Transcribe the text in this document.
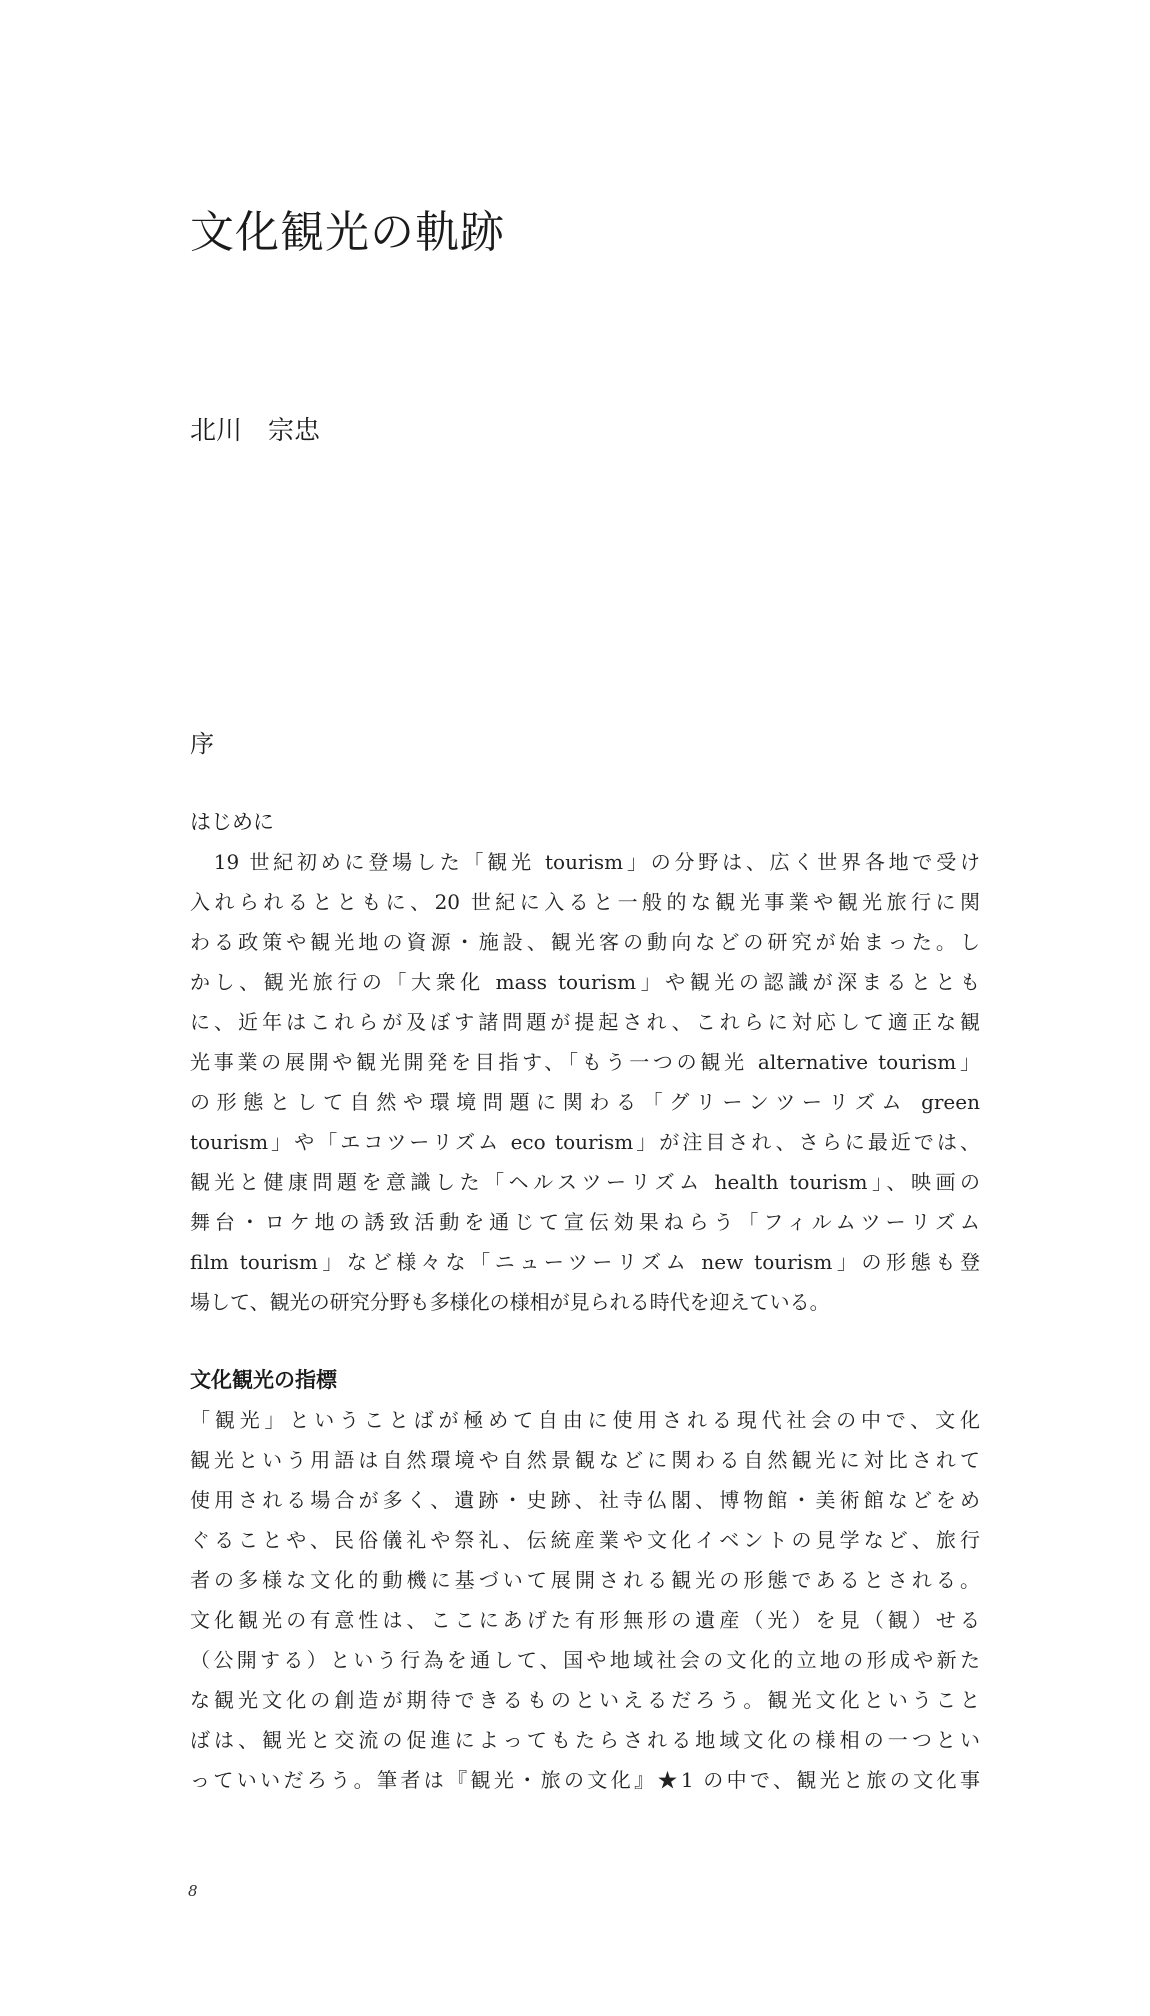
文化観光の軌跡
北川　宗忠
序
はじめに
　19 世紀初めに登場した「観光 tourism」の分野は、広く世界各地で受け
入れられるとともに、20 世紀に入ると一般的な観光事業や観光旅行に関
わる政策や観光地の資源・施設、観光客の動向などの研究が始まった。し
かし、観光旅行の「大衆化 mass tourism」や観光の認識が深まるととも
に、近年はこれらが及ぼす諸問題が提起され、これらに対応して適正な観
光事業の展開や観光開発を目指す、「もう一つの観光 alternative tourism」
の形態として自然や環境問題に関わる「グリーンツーリズム green
tourism」や「エコツーリズム eco tourism」が注目され、さらに最近では、
観光と健康問題を意識した「ヘルスツーリズム health tourism」、映画の
舞台・ロケ地の誘致活動を通じて宣伝効果ねらう「フィルムツーリズム
film tourism」など様々な「ニューツーリズム new tourism」の形態も登
場して、観光の研究分野も多様化の様相が見られる時代を迎えている。
文化観光の指標
「観光」ということばが極めて自由に使用される現代社会の中で、文化
観光という用語は自然環境や自然景観などに関わる自然観光に対比されて
使用される場合が多く、遺跡・史跡、社寺仏閣、博物館・美術館などをめ
ぐることや、民俗儀礼や祭礼、伝統産業や文化イベントの見学など、旅行
者の多様な文化的動機に基づいて展開される観光の形態であるとされる。
文化観光の有意性は、ここにあげた有形無形の遺産（光）を見（観）せる
（公開する）という行為を通して、国や地域社会の文化的立地の形成や新た
な観光文化の創造が期待できるものといえるだろう。観光文化ということ
ばは、観光と交流の促進によってもたらされる地域文化の様相の一つとい
っていいだろう。筆者は『観光・旅の文化』★1 の中で、観光と旅の文化事
8
